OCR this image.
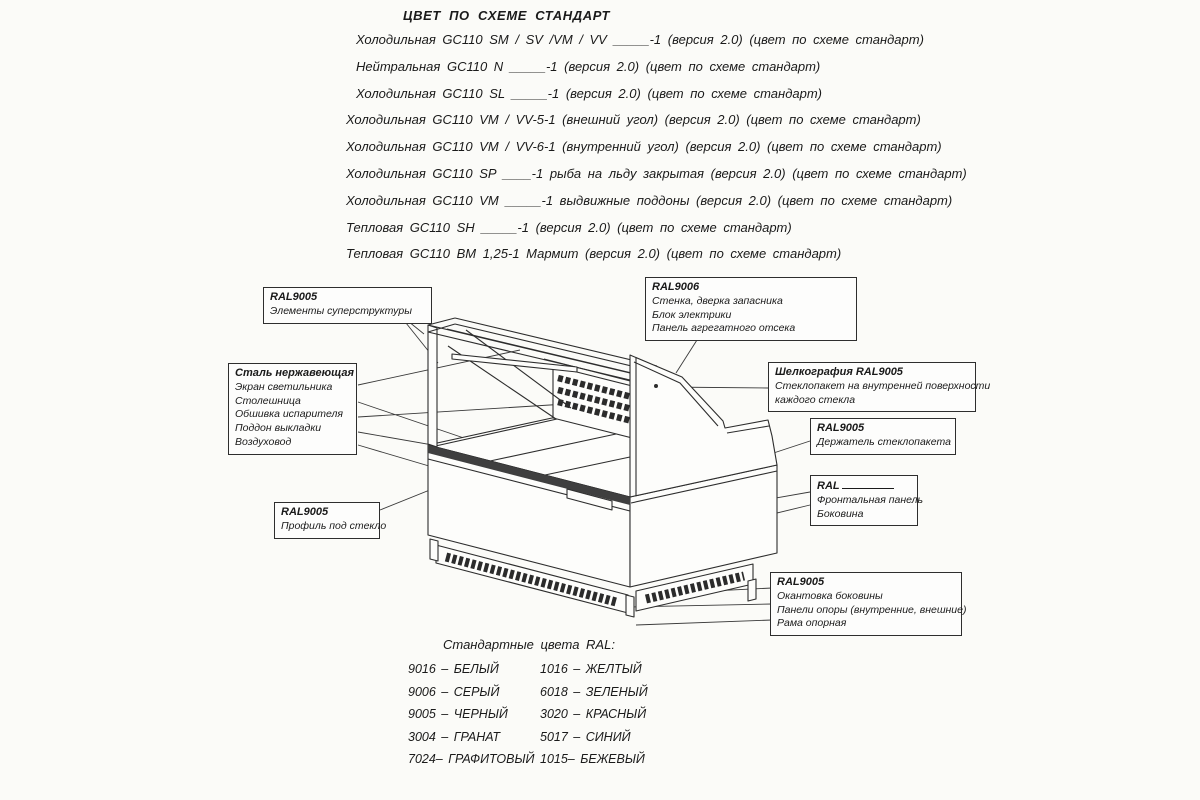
ЦВЕТ ПО СХЕМЕ СТАНДАРТ
Холодильная GC110 SM / SV /VM / VV _____-1 (версия 2.0) (цвет по схеме стандарт)
Нейтральная GC110 N _____-1 (версия 2.0) (цвет по схеме стандарт)
Холодильная GC110 SL _____-1 (версия 2.0) (цвет по схеме стандарт)
Холодильная GC110 VM / VV-5-1 (внешний угол) (версия 2.0) (цвет по схеме стандарт)
Холодильная GC110 VM / VV-6-1 (внутренний угол) (версия 2.0) (цвет по схеме стандарт)
Холодильная GC110 SP ____-1 рыба на льду закрытая (версия 2.0) (цвет по схеме стандарт)
Холодильная GC110 VM _____-1 выдвижные поддоны (версия 2.0) (цвет по схеме стандарт)
Тепловая GC110 SH _____-1 (версия 2.0) (цвет по схеме стандарт)
Тепловая GC110 ВМ 1,25-1 Мармит (версия 2.0) (цвет по схеме стандарт)
RAL9005
Элементы суперструктуры
RAL9006
Стенка, дверка запасника
Блок электрики
Панель агрегатного отсека
Сталь нержавеющая
Экран светильника
Столешница
Обшивка испарителя
Поддон выкладки
Воздуховод
Шелкография RAL9005
Стеклопакет на внутренней поверхности
каждого стекла
RAL9005
Держатель стеклопакета
RAL
Фронтальная панель
Боковина
RAL9005
Профиль под стекло
RAL9005
Окантовка боковины
Панели опоры (внутренние, внешние)
Рама опорная
Стандартные цвета RAL:
9016 – БЕЛЫЙ
9006 – СЕРЫЙ
9005 – ЧЕРНЫЙ
3004 – ГРАНАТ
7024– ГРАФИТОВЫЙ
1016 – ЖЕЛТЫЙ
6018 – ЗЕЛЕНЫЙ
3020 – КРАСНЫЙ
5017 – СИНИЙ
1015– БЕЖЕВЫЙ
